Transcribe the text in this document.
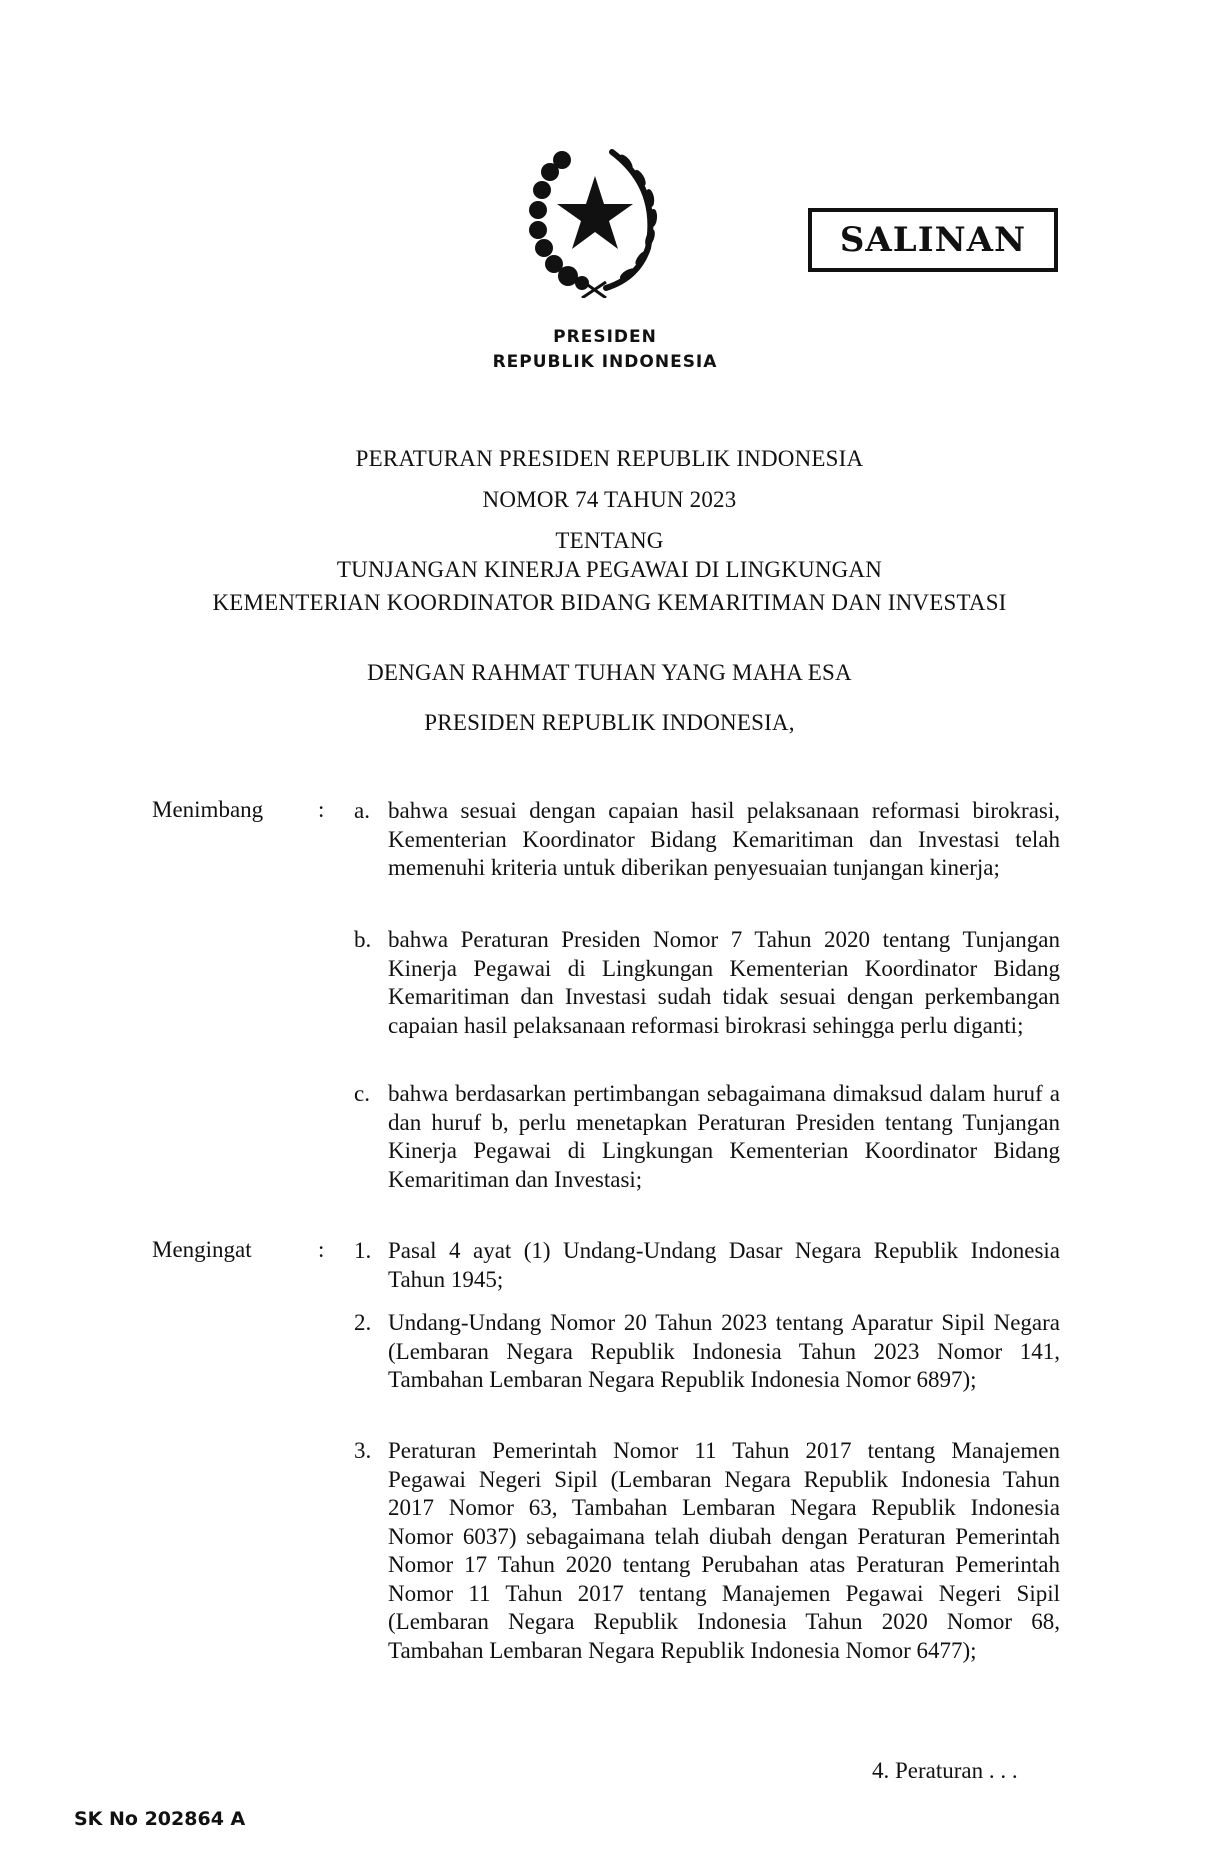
SALINAN
PRESIDEN
REPUBLIK INDONESIA
PERATURAN PRESIDEN REPUBLIK INDONESIA
NOMOR 74 TAHUN 2023
TENTANG
TUNJANGAN KINERJA PEGAWAI DI LINGKUNGAN
KEMENTERIAN KOORDINATOR BIDANG KEMARITIMAN DAN INVESTASI
DENGAN RAHMAT TUHAN YANG MAHA ESA
PRESIDEN REPUBLIK INDONESIA,
Menimbang : a. bahwa sesuai dengan capaian hasil pelaksanaan reformasi birokrasi, Kementerian Koordinator Bidang Kemaritiman dan Investasi telah memenuhi kriteria untuk diberikan penyesuaian tunjangan kinerja;
b. bahwa Peraturan Presiden Nomor 7 Tahun 2020 tentang Tunjangan Kinerja Pegawai di Lingkungan Kementerian Koordinator Bidang Kemaritiman dan Investasi sudah tidak sesuai dengan perkembangan capaian hasil pelaksanaan reformasi birokrasi sehingga perlu diganti;
c. bahwa berdasarkan pertimbangan sebagaimana dimaksud dalam huruf a dan huruf b, perlu menetapkan Peraturan Presiden tentang Tunjangan Kinerja Pegawai di Lingkungan Kementerian Koordinator Bidang Kemaritiman dan Investasi;
Mengingat	: 1. Pasal 4 ayat (1) Undang-Undang Dasar Negara Republik Indonesia Tahun 1945;
2. Undang-Undang Nomor 20 Tahun 2023 tentang Aparatur Sipil Negara (Lembaran Negara Republik Indonesia Tahun 2023 Nomor 141, Tambahan Lembaran Negara Republik Indonesia Nomor 6897);
3. Peraturan Pemerintah Nomor 11 Tahun 2017 tentang Manajemen Pegawai Negeri Sipil (Lembaran Negara Republik Indonesia Tahun 2017 Nomor 63, Tambahan Lembaran Negara Republik Indonesia Nomor 6037) sebagaimana telah diubah dengan Peraturan Pemerintah Nomor 17 Tahun 2020 tentang Perubahan atas Peraturan Pemerintah Nomor 11 Tahun 2017 tentang Manajemen Pegawai Negeri Sipil (Lembaran Negara Republik Indonesia Tahun 2020 Nomor 68, Tambahan Lembaran Negara Republik Indonesia Nomor 6477);
4. Peraturan . . .
SK No 202864 A
